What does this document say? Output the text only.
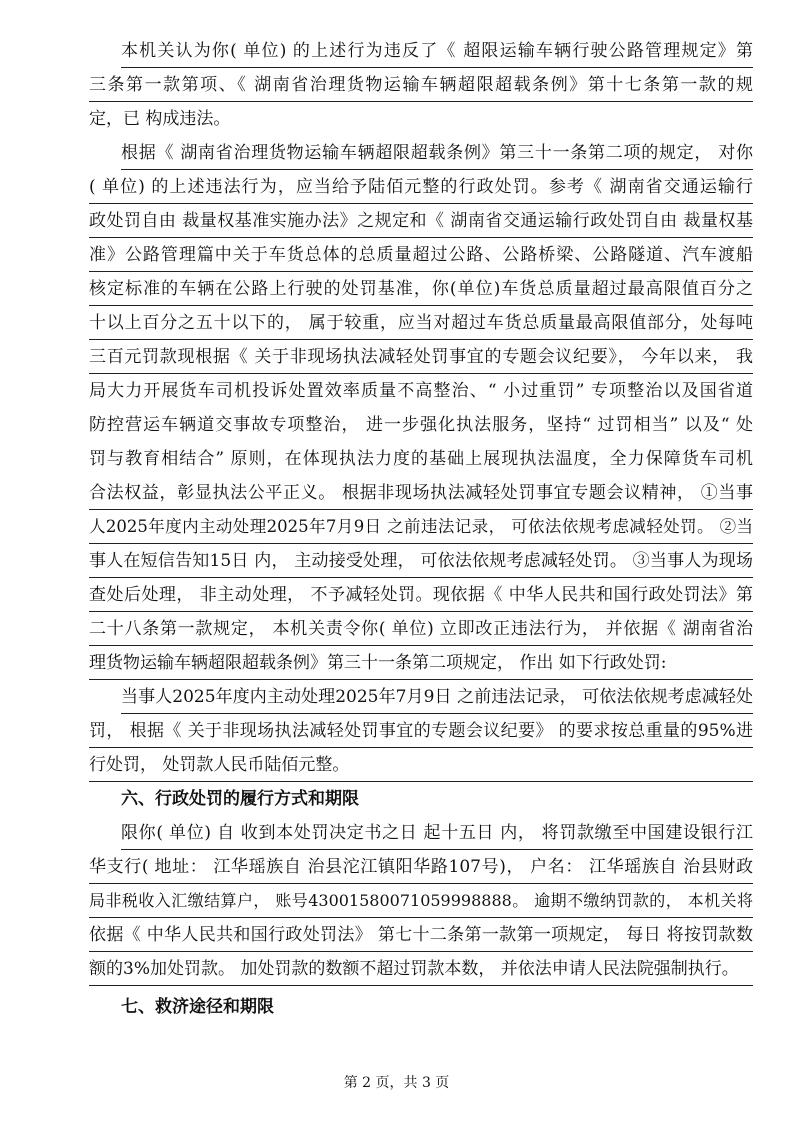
本机关认为你( 单位) 的上述行为违反了《 超限运输车辆行驶公路管理规定》第
三条第一款第项、《 湖南省治理货物运输车辆超限超载条例》第十七条第一款的规
定，已 构成违法。
根据《 湖南省治理货物运输车辆超限超载条例》第三十一条第二项的规定， 对你
( 单位) 的上述违法行为，应当给予陆佰元整的行政处罚。参考《 湖南省交通运输行
政处罚自由 裁量权基准实施办法》之规定和《 湖南省交通运输行政处罚自由 裁量权基
准》公路管理篇中关于车货总体的总质量超过公路、公路桥梁、公路隧道、汽车渡船
核定标准的车辆在公路上行驶的处罚基准，你(单位)车货总质量超过最高限值百分之
十以上百分之五十以下的， 属于较重，应当对超过车货总质量最高限值部分，处每吨
三百元罚款现根据《 关于非现场执法减轻处罚事宜的专题会议纪要》， 今年以来， 我
局大力开展货车司机投诉处置效率质量不高整治、“ 小过重罚” 专项整治以及国省道
防控营运车辆道交事故专项整治， 进一步强化执法服务，坚持“ 过罚相当” 以及“ 处
罚与教育相结合” 原则，在体现执法力度的基础上展现执法温度，全力保障货车司机
合法权益，彰显执法公平正义。 根据非现场执法减轻处罚事宜专题会议精神， ①当事
人2025年度内主动处理2025年7月9日 之前违法记录， 可依法依规考虑减轻处罚。 ②当
事人在短信告知15日 内， 主动接受处理， 可依法依规考虑减轻处罚。 ③当事人为现场
查处后处理， 非主动处理， 不予减轻处罚。现依据《 中华人民共和国行政处罚法》第
二十八条第一款规定， 本机关责令你( 单位) 立即改正违法行为， 并依据《 湖南省治
理货物运输车辆超限超载条例》第三十一条第二项规定， 作出 如下行政处罚:
当事人2025年度内主动处理2025年7月9日 之前违法记录， 可依法依规考虑减轻处
罚， 根据《 关于非现场执法减轻处罚事宜的专题会议纪要》 的要求按总重量的95%进
行处罚， 处罚款人民币陆佰元整。
六、行政处罚的履行方式和期限
限你( 单位) 自 收到本处罚决定书之日 起十五日 内， 将罚款缴至中国建设银行江
华支行( 地址： 江华瑶族自 治县沱江镇阳华路107号)， 户名： 江华瑶族自 治县财政
局非税收入汇缴结算户， 账号43001580071059998888。 逾期不缴纳罚款的， 本机关将
依据《 中华人民共和国行政处罚法》 第七十二条第一款第一项规定， 每日 将按罚款数
额的3%加处罚款。 加处罚款的数额不超过罚款本数， 并依法申请人民法院强制执行。
七、救济途径和期限
第 2 页，共 3 页
